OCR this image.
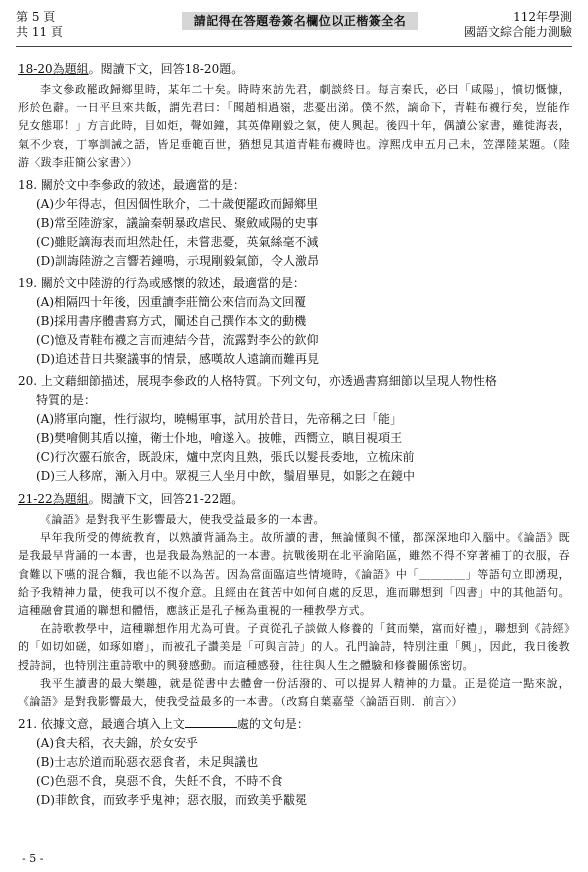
第 5 頁
共 11 頁
請記得在答題卷簽名欄位以正楷簽全名	112年學測
國語文綜合能力測驗
18-20為題組。閱讀下文，回答18-20題。

李文參政罷政歸鄉里時，某年二十矣。時時來訪先君，劇談終日。每言秦氏，必曰「咸陽」，憤切慨慷，形於色辭。一日平旦來共飯，謂先君曰：「聞趙相過嶺，悲憂出涕。僕不然，謫命下，青鞋布襪行矣，豈能作兒女態耶！」方言此時，目如炬，聲如鐘，其英偉剛毅之氣，使人興起。後四十年，偶讀公家書，雖徙海表，氣不少衰，丁寧訓誡之語，皆足垂範百世，猶想見其道青鞋布襪時也。淳熙戊申五月己未，笠澤陸某題。（陸游〈跋李莊簡公家書〉）

18. 關於文中李參政的敘述，最適當的是：
(A)少年得志，但因個性耿介，二十歲便罷政而歸鄉里
(B)常至陸游家，議論秦朝暴政虐民、聚斂咸陽的史事
(C)雖貶謫海表而坦然赴任，未嘗悲憂，英氣絲毫不減
(D)訓誨陸游之言響若鐘鳴，示現剛毅氣節，令人激昂
19. 關於文中陸游的行為或感懷的敘述，最適當的是：
(A)相隔四十年後，因重讀李莊簡公來信而為文回覆
(B)採用書序體書寫方式，闡述自己撰作本文的動機
(C)憶及青鞋布襪之言而連結今昔，流露對李公的欽仰
(D)追述昔日共聚議事的情景，感嘆故人遠謫而難再見
20. 上文藉細節描述，展現李參政的人格特質。下列文句，亦透過書寫細節以呈現人物性格
特質的是：
(A)將軍向寵，性行淑均，曉暢軍事，試用於昔日，先帝稱之曰「能」
(B)樊噲側其盾以撞，衛士仆地，噲遂入。披帷，西嚮立，瞋目視項王
(C)行次靈石旅舍，既設床，爐中烹肉且熟，張氏以髮長委地，立梳床前
(D)三人移席，漸入月中。眾視三人坐月中飲，鬚眉畢見，如影之在鏡中
21-22為題組。閱讀下文，回答21-22題。

《論語》是對我平生影響最大，使我受益最多的一本書。

早年我所受的傳統教育，以熟讀背誦為主。故所讀的書，無論懂與不懂，都深深地印入腦中。《論語》既是我最早背誦的一本書，也是我最為熟記的一本書。抗戰後期在北平淪陷區，雖然不得不穿著補丁的衣服，吞食難以下嚥的混合麵，我也能不以為苦。因為當面臨這些情境時，《論語》中「＿＿＿＿」等語句立即湧現，給予我精神力量，使我可以不復介意。且經由在貧苦中如何自處的反思，進而聯想到「四書」中的其他語句。這種融會貫通的聯想和體悟，應該正是孔子極為重視的一種教學方式。

在詩歌教學中，這種聯想作用尤為可貴。子貢從孔子談做人修養的「貧而樂，富而好禮」，聯想到《詩經》的「如切如磋，如琢如磨」，而被孔子讚美是「可與言詩」的人。孔門論詩，特別注重「興」，因此，我日後教授詩詞，也特別注重詩歌中的興發感動。而這種感發，往往與人生之體驗和修養關係密切。

我平生讀書的最大樂趣，就是從書中去體會一份活潑的、可以提昇人精神的力量。正是從這一點來說，《論語》是對我影響最大，使我受益最多的一本書。（改寫自葉嘉瑩〈論語百則．前言〉）

21. 依據文意，最適合填入上文	處的文句是：
(A)食夫稻，衣夫錦，於女安乎
(B)士志於道而恥惡衣惡食者，未足與議也
(C)色惡不食，臭惡不食，失飪不食，不時不食
(D)菲飲食，而致孝乎鬼神；惡衣服，而致美乎黻冕
- 5 -
